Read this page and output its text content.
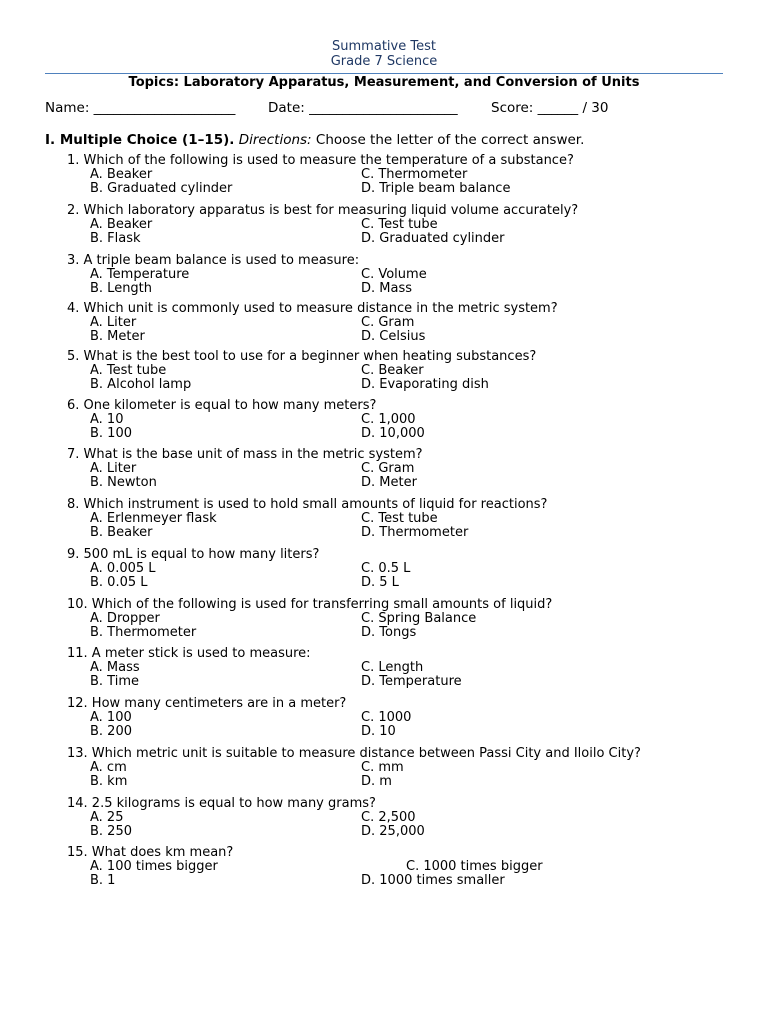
Summative Test
Grade 7 Science
Topics: Laboratory Apparatus, Measurement, and Conversion of Units
Name: _____________________ Date: ______________________ Score: ______ / 30
I. Multiple Choice (1–15). Directions: Choose the letter of the correct answer.
1. Which of the following is used to measure the temperature of a substance?
A. Beaker
B. Graduated cylinder
C. Thermometer
D. Triple beam balance
2. Which laboratory apparatus is best for measuring liquid volume accurately?
A. Beaker
B. Flask
C. Test tube
D. Graduated cylinder
3. A triple beam balance is used to measure:
A. Temperature
B. Length
C. Volume
D. Mass
4. Which unit is commonly used to measure distance in the metric system?
A. Liter
B. Meter
C. Gram
D. Celsius
5. What is the best tool to use for a beginner when heating substances?
A. Test tube
B. Alcohol lamp
C. Beaker
D. Evaporating dish
6. One kilometer is equal to how many meters?
A. 10
B. 100
C. 1,000
D. 10,000
7. What is the base unit of mass in the metric system?
A. Liter
B. Newton
C. Gram
D. Meter
8. Which instrument is used to hold small amounts of liquid for reactions?
A. Erlenmeyer flask
B. Beaker
C. Test tube
D. Thermometer
9. 500 mL is equal to how many liters?
A. 0.005 L
B. 0.05 L
C. 0.5 L
D. 5 L
10. Which of the following is used for transferring small amounts of liquid?
A. Dropper
B. Thermometer
C. Spring Balance
D. Tongs
11. A meter stick is used to measure:
A. Mass
B. Time
C. Length
D. Temperature
12. How many centimeters are in a meter?
A. 100
B. 200
C. 1000
D. 10
13. Which metric unit is suitable to measure distance between Passi City and Iloilo City?
A. cm
B. km
C. mm
D. m
14. 2.5 kilograms is equal to how many grams?
A. 25
B. 250
C. 2,500
D. 25,000
15. What does km mean?
A. 100 times bigger
B. 1
C. 1000 times bigger
D. 1000 times smaller
